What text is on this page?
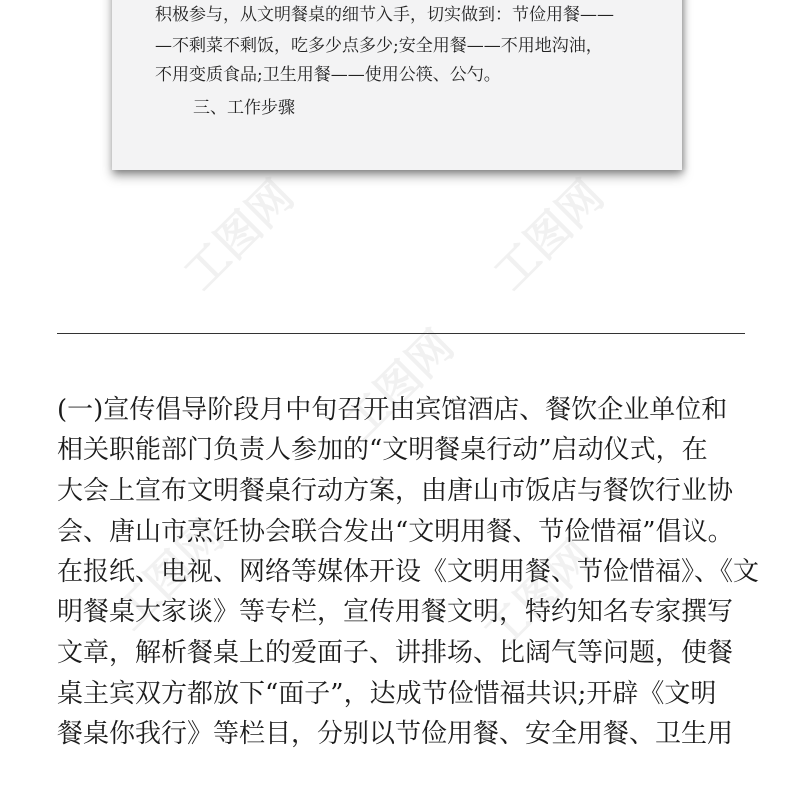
积极参与，从文明餐桌的细节入手，切实做到：节俭用餐——
—不剩菜不剩饭，吃多少点多少;安全用餐——不用地沟油，
不用变质食品;卫生用餐——使用公筷、公勺。
三、工作步骤
工图网	工图网
工图网
工图网	工图网
(一)宣传倡导阶段月中旬召开由宾馆酒店、餐饮企业单位和
相关职能部门负责人参加的“文明餐桌行动”启动仪式，在
大会上宣布文明餐桌行动方案，由唐山市饭店与餐饮行业协
会、唐山市烹饪协会联合发出“文明用餐、节俭惜福”倡议。
在报纸、电视、网络等媒体开设《文明用餐、节俭惜福》、《文
明餐桌大家谈》等专栏，宣传用餐文明，特约知名专家撰写
文章，解析餐桌上的爱面子、讲排场、比阔气等问题，使餐
桌主宾双方都放下“面子”，达成节俭惜福共识;开辟《文明
餐桌你我行》等栏目，分别以节俭用餐、安全用餐、卫生用
